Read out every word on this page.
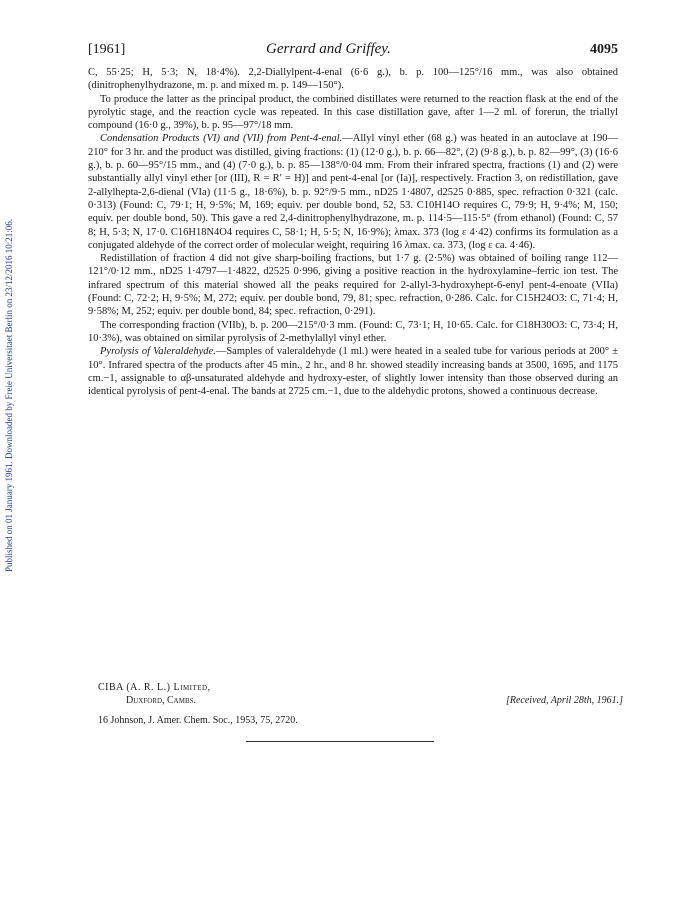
Published on 01 January 1961. Downloaded by Freie Universitaet Berlin on 23/12/2016 10:21:06.
[1961]	Gerrard and Griffey.	4095

C, 55·25; H, 5·3; N, 18·4%). 2,2-Diallylpent-4-enal (6·6 g.), b. p. 100—125°/16 mm., was also obtained (dinitrophenylhydrazone, m. p. and mixed m. p. 149—150°).

To produce the latter as the principal product, the combined distillates were returned to the reaction flask at the end of the pyrolytic stage, and the reaction cycle was repeated. In this case distillation gave, after 1—2 ml. of forerun, the triallyl compound (16·0 g., 39%), b. p. 95—97°/18 mm.

Condensation Products (VI) and (VII) from Pent-4-enal.—Allyl vinyl ether (68 g.) was heated in an autoclave at 190—210° for 3 hr. and the product was distilled, giving fractions: (1) (12·0 g.), b. p. 66—82°, (2) (9·8 g.), b. p. 82—99°, (3) (16·6 g.), b. p. 60—95°/15 mm., and (4) (7·0 g.), b. p. 85—138°/0·04 mm. From their infrared spectra, fractions (1) and (2) were substantially allyl vinyl ether [or (III), R = R′ = H)] and pent-4-enal [or (Ia)], respectively. Fraction 3, on redistillation, gave 2-allylhepta-2,6-dienal (VIa) (11·5 g., 18·6%), b. p. 92°/9·5 mm., nD25 1·4807, d2525 0·885, spec. refraction 0·321 (calc. 0·313) (Found: C, 79·1; H, 9·5%; M, 169; equiv. per double bond, 52, 53. C10H14O requires C, 79·9; H, 9·4%; M, 150; equiv. per double bond, 50). This gave a red 2,4-dinitrophenylhydrazone, m. p. 114·5—115·5° (from ethanol) (Found: C, 57 8; H, 5·3; N, 17·0. C16H18N4O4 requires C, 58·1; H, 5·5; N, 16·9%); λmax. 373 (log ε 4·42) confirms its formulation as a conjugated aldehyde of the correct order of molecular weight, requiring 16 λmax. ca. 373, (log ε ca. 4·46).

Redistillation of fraction 4 did not give sharp-boiling fractions, but 1·7 g. (2·5%) was obtained of boiling range 112—121°/0·12 mm., nD25 1·4797—1·4822, d2525 0·996, giving a positive reaction in the hydroxylamine–ferric ion test. The infrared spectrum of this material showed all the peaks required for 2-allyl-3-hydroxyhept-6-enyl pent-4-enoate (VIIa) (Found: C, 72·2; H, 9·5%; M, 272; equiv. per double bond, 79, 81; spec. refraction, 0·286. Calc. for C15H24O3: C, 71·4; H, 9·58%; M, 252; equiv. per double bond, 84; spec. refraction, 0·291).

The corresponding fraction (VIIb), b. p. 200—215°/0·3 mm. (Found: C, 73·1; H, 10·65. Calc. for C18H30O3: C, 73·4; H, 10·3%), was obtained on similar pyrolysis of 2-methylallyl vinyl ether.

Pyrolysis of Valeraldehyde.—Samples of valeraldehyde (1 ml.) were heated in a sealed tube for various periods at 200° ± 10°. Infrared spectra of the products after 45 min., 2 hr., and 8 hr. showed steadily increasing bands at 3500, 1695, and 1175 cm.−1, assignable to αβ-unsaturated aldehyde and hydroxy-ester, of slightly lower intensity than those observed during an identical pyrolysis of pent-4-enal. The bands at 2725 cm.−1, due to the aldehydic protons, showed a continuous decrease.

CIBA (A. R. L.) Limited,
Duxford, Cambs.	[Received, April 28th, 1961.]
16 Johnson, J. Amer. Chem. Soc., 1953, 75, 2720.
